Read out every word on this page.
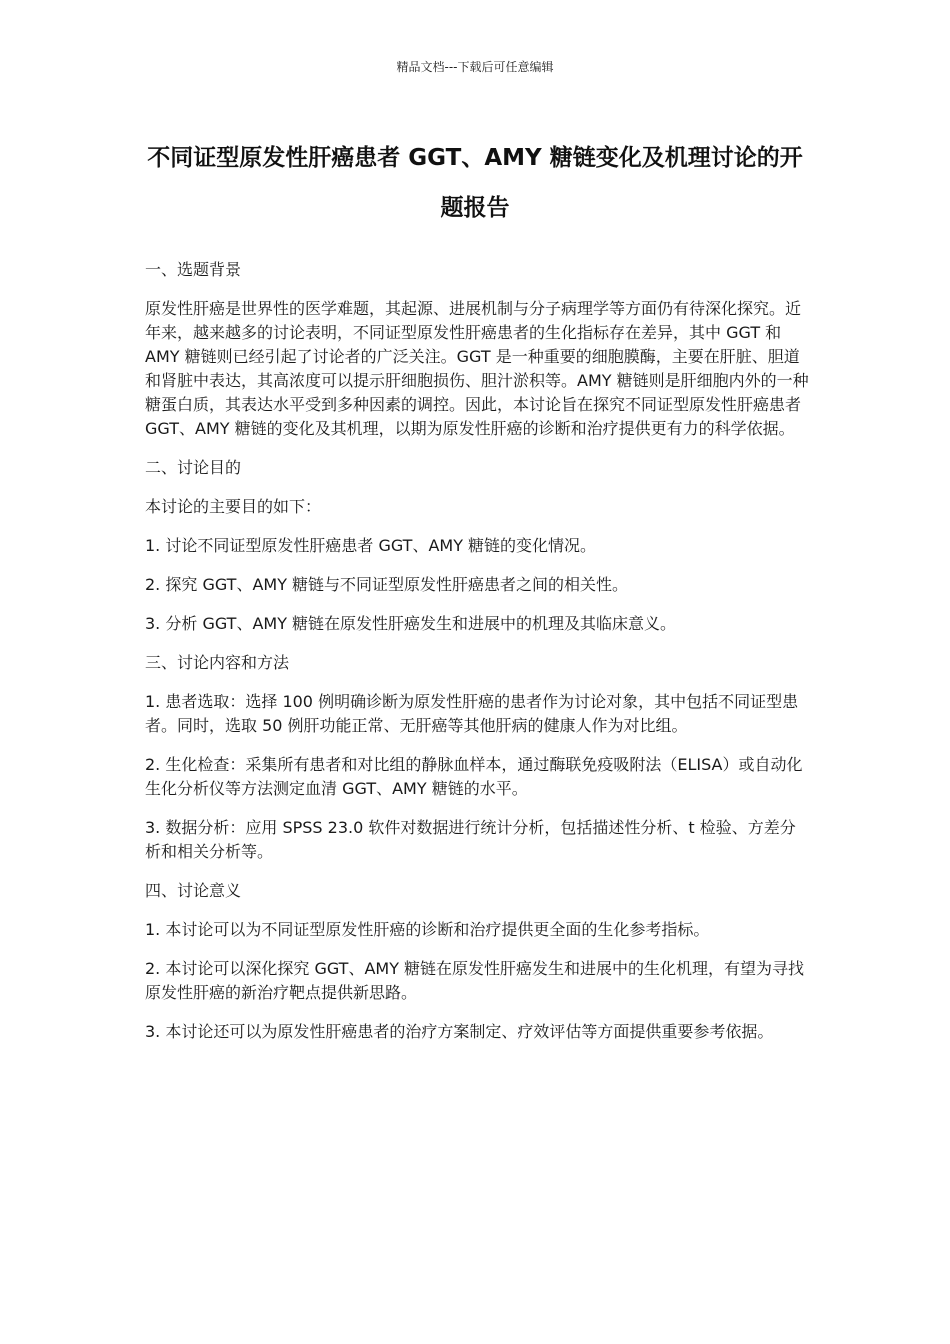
精品文档---下载后可任意编辑
不同证型原发性肝癌患者 GGT、AMY 糖链变化及机理讨论的开题报告

一、选题背景

原发性肝癌是世界性的医学难题，其起源、进展机制与分子病理学等方面仍有待深化探究。近年来，越来越多的讨论表明，不同证型原发性肝癌患者的生化指标存在差异，其中 GGT 和 AMY 糖链则已经引起了讨论者的广泛关注。GGT 是一种重要的细胞膜酶，主要在肝脏、胆道和肾脏中表达，其高浓度可以提示肝细胞损伤、胆汁淤积等。AMY 糖链则是肝细胞内外的一种糖蛋白质，其表达水平受到多种因素的调控。因此，本讨论旨在探究不同证型原发性肝癌患者 GGT、AMY 糖链的变化及其机理，以期为原发性肝癌的诊断和治疗提供更有力的科学依据。

二、讨论目的

本讨论的主要目的如下：

1. 讨论不同证型原发性肝癌患者 GGT、AMY 糖链的变化情况。

2. 探究 GGT、AMY 糖链与不同证型原发性肝癌患者之间的相关性。

3. 分析 GGT、AMY 糖链在原发性肝癌发生和进展中的机理及其临床意义。

三、讨论内容和方法

1. 患者选取：选择 100 例明确诊断为原发性肝癌的患者作为讨论对象，其中包括不同证型患者。同时，选取 50 例肝功能正常、无肝癌等其他肝病的健康人作为对比组。

2. 生化检查：采集所有患者和对比组的静脉血样本，通过酶联免疫吸附法（ELISA）或自动化生化分析仪等方法测定血清 GGT、AMY 糖链的水平。

3. 数据分析：应用 SPSS 23.0 软件对数据进行统计分析，包括描述性分析、t 检验、方差分析和相关分析等。

四、讨论意义

1. 本讨论可以为不同证型原发性肝癌的诊断和治疗提供更全面的生化参考指标。

2. 本讨论可以深化探究 GGT、AMY 糖链在原发性肝癌发生和进展中的生化机理，有望为寻找原发性肝癌的新治疗靶点提供新思路。

3. 本讨论还可以为原发性肝癌患者的治疗方案制定、疗效评估等方面提供重要参考依据。
